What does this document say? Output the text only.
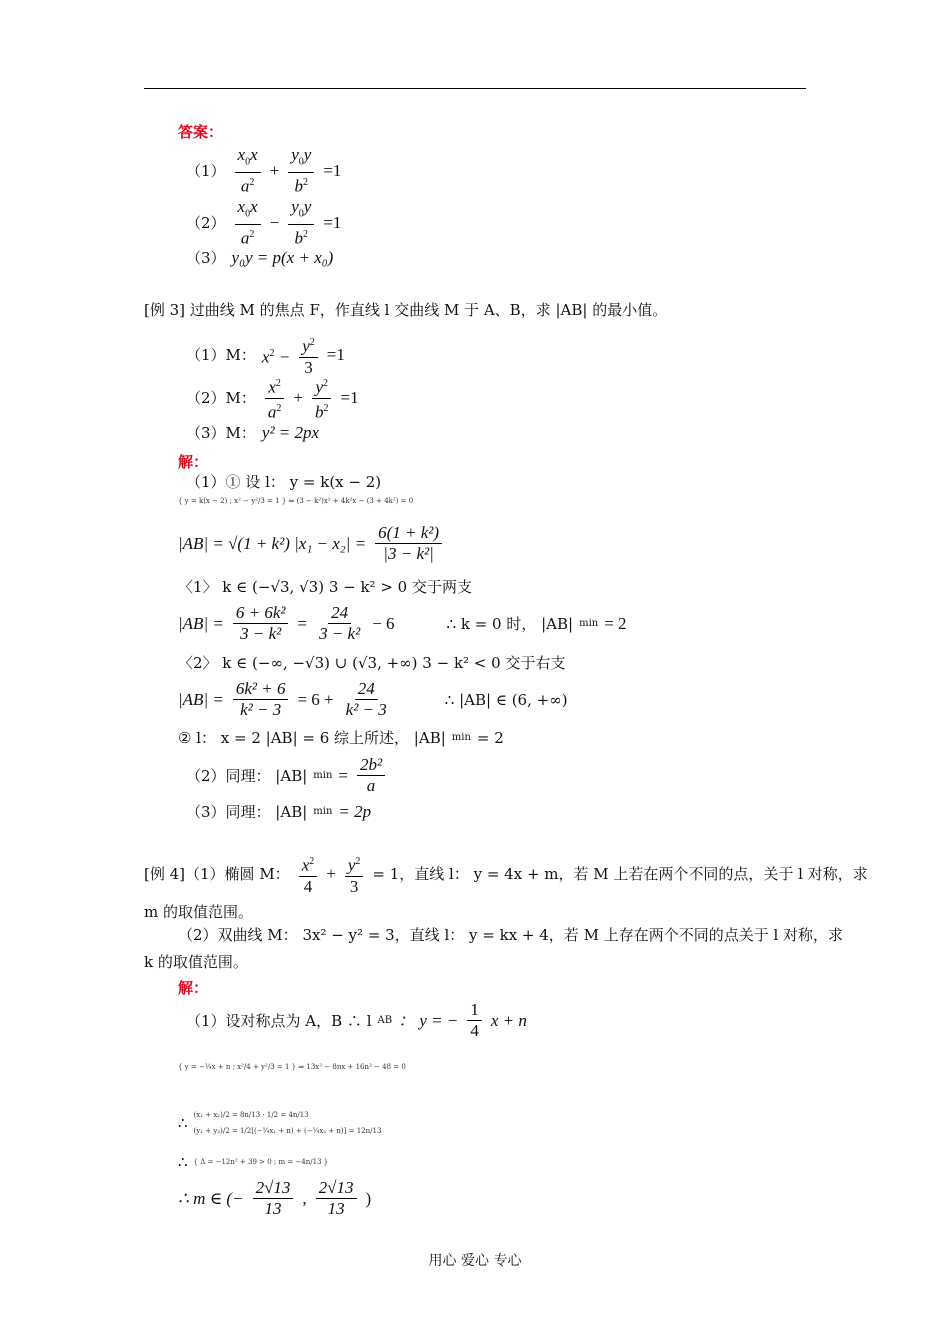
答案：
$(1) \frac{x_0x}{a^2} + \frac{y_0y}{b^2} =1$
$(2) \frac{x_0x}{a^2} - \frac{y_0y}{b^2} =1$
（3） y₀y = p(x + x₀)
[例 3] 过曲线 M 的焦点 F，作直线 l 交曲线 M 于 A、B，求 |AB| 的最小值。
（1）M： $x^2 - \frac{y^2}{3} =1$
（2）M： $\frac{x^2}{a^2} + \frac{y^2}{b^2} =1$
（3）M： y² = 2px
解：
（1）① 设 l： y = k(x − 2)
{ y = k(x − 2) ; x² − y²/3 = 1 } ⇒ (3 − k²)x² + 4k²x − (3 + 4k²) = 0
|AB| = √(1 + k²) $|x_1 - x_2| = \frac{\text{6(1 + k²)}}{\text{|3 − k²|}}$
〈1〉 k ∈ (−√3, √3) 3 − k² > 0 交于两支
$|AB| = \frac{\text{6 + 6k²}}{\text{3 − k²}} = \frac{24}{\text{3 − k²}} - 6$	∴ k = 0 时， |AB| min = 2
〈2〉 k ∈ (−∞, −√3) ∪ (√3, +∞) 3 − k² < 0 交于右支
$|AB| = \frac{\text{6k² + 6}}{\text{k² − 3}} = 6 + \frac{24}{\text{k² − 3}}$	∴ |AB| ∈ (6, +∞)
② l： x = 2 |AB| = 6 综上所述， |AB| min = 2
（2）同理： |AB| $\min = \frac{\text{2b²}}{a}$
（3）同理： |AB| min = 2p
[例 4]（1）椭圆 M： $\frac{x^2}{4} + \frac{y^2}{3} = 1$，直线 l： y = 4x + m，若 M 上若在两个不同的点，关于 l 对称，求
m 的取值范围。
（2）双曲线 M： 3x² − y² = 3，直线 l： y = kx + 4，若 M 上存在两个不同的点关于 l 对称，求
k 的取值范围。
解：
（1）设对称点为 A，B ∴ l AB ： y = − $\frac{1}{4}$ x + n
{ y = −¼x + n ; x²/4 + y²/3 = 1 } ⇒ 13x² − 8nx + 16n² − 48 = 0
∴ (x₁ + x₂)/2 = 8n/13 · 1/2 = 4n/13
(y₁ + y₂)/2 = 1/2[(−¼x₁ + n) + (−¼x₂ + n)] = 12n/13
∴ { Δ = −12n² + 39 > 0 ; m = −4n/13 }
∴ m ∈ (− $\frac{2√13}{13}$ , $\frac{2√13}{13}$ )
用心 爱心 专心
